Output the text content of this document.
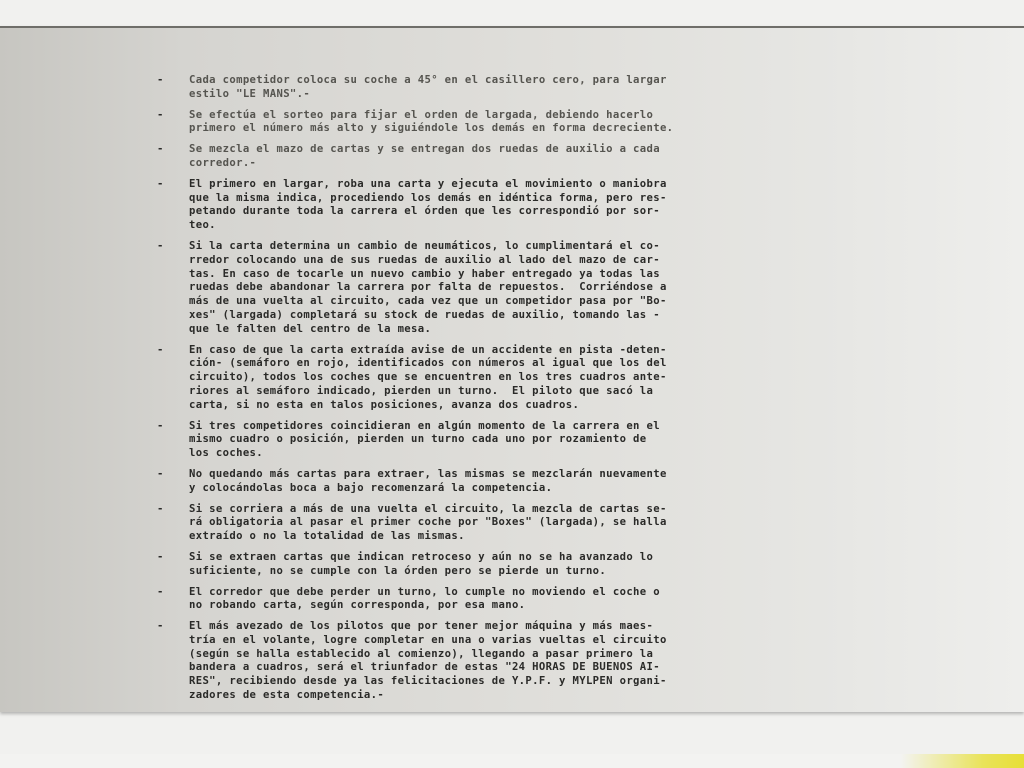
- Cada competidor coloca su coche a 45° en el casillero cero, para largar
estilo "LE MANS".-
- Se efectúa el sorteo para fijar el orden de largada, debiendo hacerlo
primero el número más alto y siguiéndole los demás en forma decreciente.
- Se mezcla el mazo de cartas y se entregan dos ruedas de auxilio a cada
corredor.-
- El primero en largar, roba una carta y ejecuta el movimiento o maniobra
que la misma indica, procediendo los demás en idéntica forma, pero res-
petando durante toda la carrera el órden que les correspondió por sor-
teo.
- Si la carta determina un cambio de neumáticos, lo cumplimentará el co-
rredor colocando una de sus ruedas de auxilio al lado del mazo de car-
tas. En caso de tocarle un nuevo cambio y haber entregado ya todas las
ruedas debe abandonar la carrera por falta de repuestos.  Corriéndose a
más de una vuelta al circuito, cada vez que un competidor pasa por "Bo-
xes" (largada) completará su stock de ruedas de auxilio, tomando las -
que le falten del centro de la mesa.
- En caso de que la carta extraída avise de un accidente en pista -deten-
ción- (semáforo en rojo, identificados con números al igual que los del
circuito), todos los coches que se encuentren en los tres cuadros ante-
riores al semáforo indicado, pierden un turno.  El piloto que sacó la
carta, si no esta en talos posiciones, avanza dos cuadros.
- Si tres competidores coincidieran en algún momento de la carrera en el
mismo cuadro o posición, pierden un turno cada uno por rozamiento de
los coches.
- No quedando más cartas para extraer, las mismas se mezclarán nuevamente
y colocándolas boca a bajo recomenzará la competencia.
- Si se corriera a más de una vuelta el circuito, la mezcla de cartas se-
rá obligatoria al pasar el primer coche por "Boxes" (largada), se halla
extraído o no la totalidad de las mismas.
- Si se extraen cartas que indican retroceso y aún no se ha avanzado lo
suficiente, no se cumple con la órden pero se pierde un turno.
- El corredor que debe perder un turno, lo cumple no moviendo el coche o
no robando carta, según corresponda, por esa mano.
- El más avezado de los pilotos que por tener mejor máquina y más maes-
tría en el volante, logre completar en una o varias vueltas el circuito
(según se halla establecido al comienzo), llegando a pasar primero la
bandera a cuadros, será el triunfador de estas "24 HORAS DE BUENOS AI-
RES", recibiendo desde ya las felicitaciones de Y.P.F. y MYLPEN organi-
zadores de esta competencia.-
